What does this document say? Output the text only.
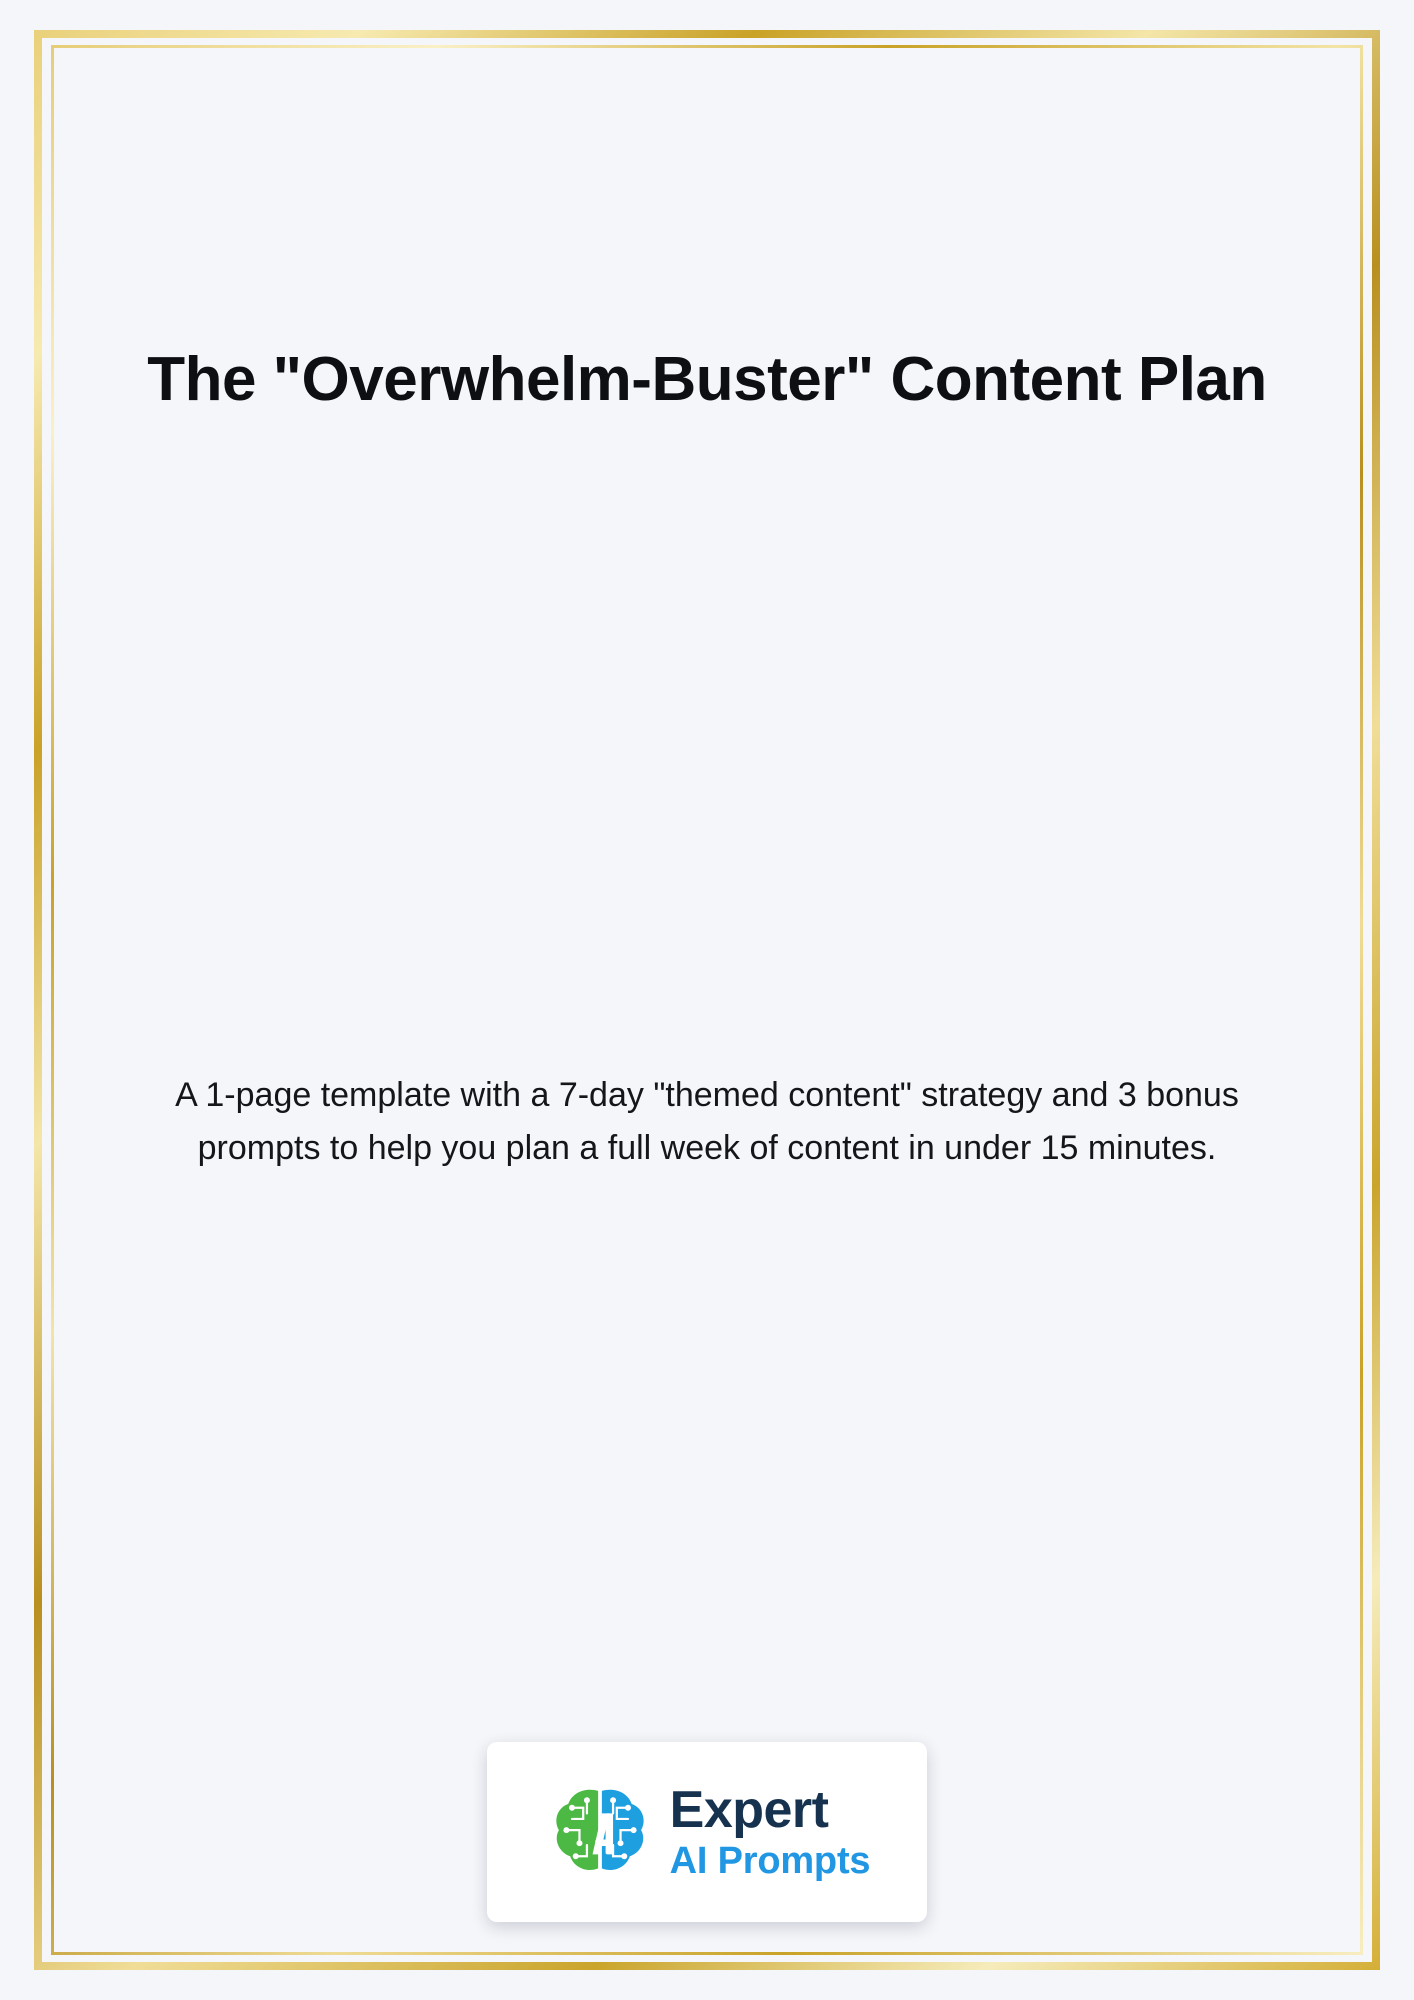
The "Overwhelm-Buster" Content Plan

A 1-page template with a 7-day "themed content" strategy and 3 bonus prompts to help you plan a full week of content in under 15 minutes.

Expert
AI Prompts
